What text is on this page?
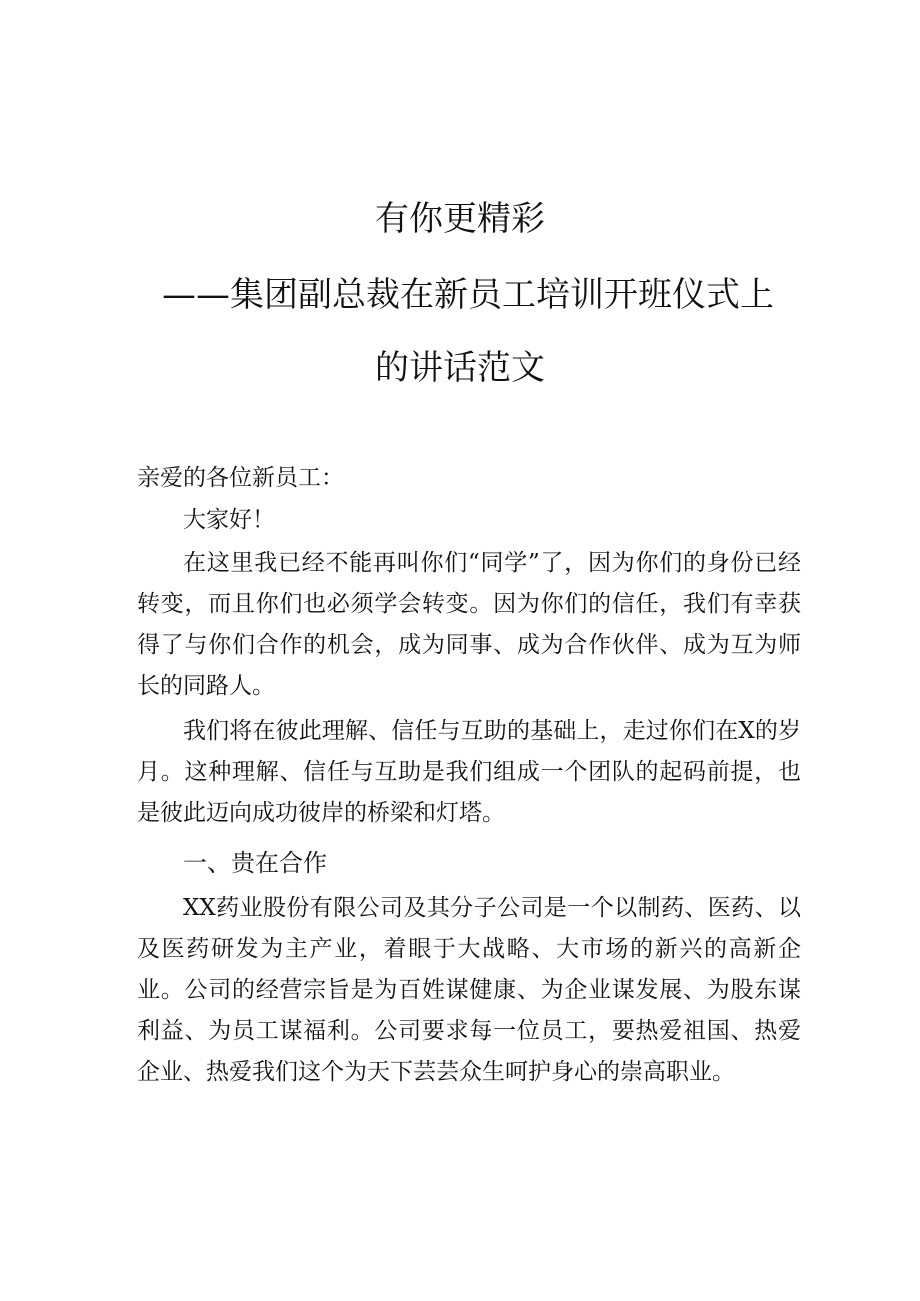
有你更精彩
——集团副总裁在新员工培训开班仪式上
的讲话范文

亲爱的各位新员工：

大家好！

在这里我已经不能再叫你们“同学”了，因为你们的身份已经转变，而且你们也必须学会转变。因为你们的信任，我们有幸获得了与你们合作的机会，成为同事、成为合作伙伴、成为互为师长的同路人。

我们将在彼此理解、信任与互助的基础上，走过你们在X的岁月。这种理解、信任与互助是我们组成一个团队的起码前提，也是彼此迈向成功彼岸的桥梁和灯塔。

一、贵在合作

XX药业股份有限公司及其分子公司是一个以制药、医药、以及医药研发为主产业，着眼于大战略、大市场的新兴的高新企业。公司的经营宗旨是为百姓谋健康、为企业谋发展、为股东谋利益、为员工谋福利。公司要求每一位员工，要热爱祖国、热爱企业、热爱我们这个为天下芸芸众生呵护身心的崇高职业。
